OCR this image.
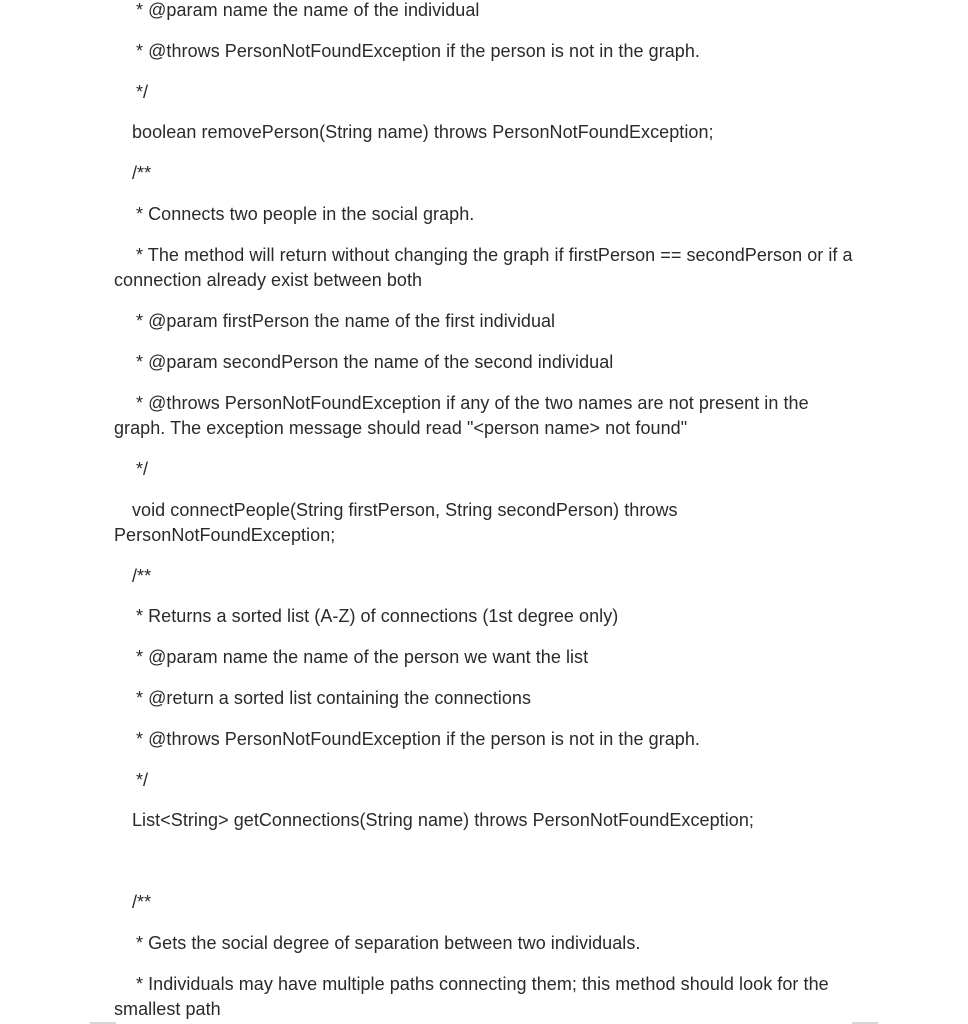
* @param name the name of the individual
* @throws PersonNotFoundException if the person is not in the graph.
*/
boolean removePerson(String name) throws PersonNotFoundException;
/**
* Connects two people in the social graph.
* The method will return without changing the graph if firstPerson == secondPerson or if a connection already exist between both
* @param firstPerson the name of the first individual
* @param secondPerson the name of the second individual
* @throws PersonNotFoundException if any of the two names are not present in the graph. The exception message should read "<person name> not found"
*/
void connectPeople(String firstPerson, String secondPerson) throws PersonNotFoundException;
/**
* Returns a sorted list (A-Z) of connections (1st degree only)
* @param name the name of the person we want the list
* @return a sorted list containing the connections
* @throws PersonNotFoundException if the person is not in the graph.
*/
List<String> getConnections(String name) throws PersonNotFoundException;
/**
* Gets the social degree of separation between two individuals.
* Individuals may have multiple paths connecting them; this method should look for the smallest path
